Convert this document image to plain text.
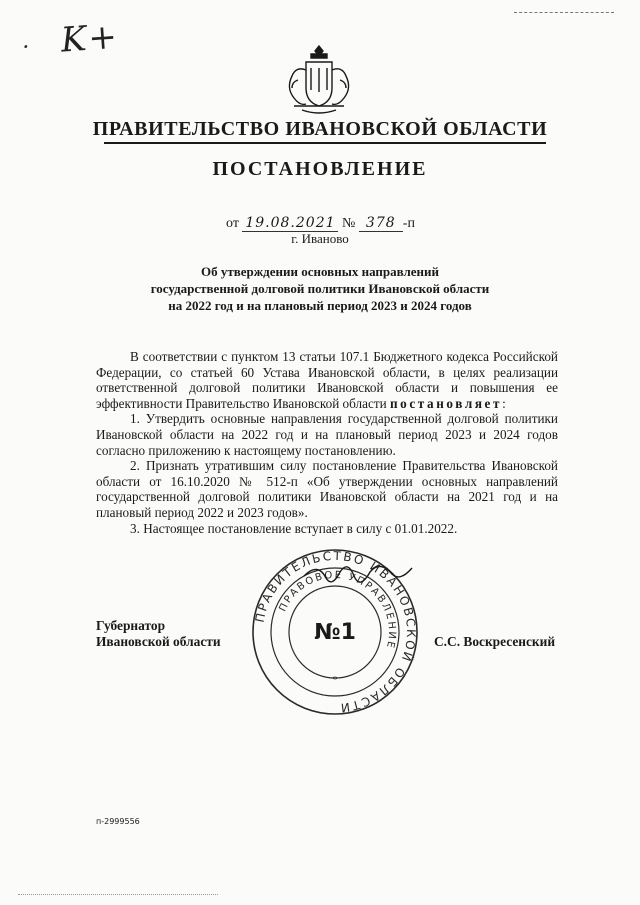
· K+
ПРАВИТЕЛЬСТВО ИВАНОВСКОЙ ОБЛАСТИ
ПОСТАНОВЛЕНИЕ
от 19.08.2021 № 378 -п
г. Иваново
Об утверждении основных направлений
государственной долговой политики Ивановской области
на 2022 год и на плановый период 2023 и 2024 годов

В соответствии с пунктом 13 статьи 107.1 Бюджетного кодекса Российской Федерации, со статьей 60 Устава Ивановской области, в целях реализации ответственной долговой политики Ивановской области и повышения ее эффективности Правительство Ивановской области постановляет:

1. Утвердить основные направления государственной долговой политики Ивановской области на 2022 год и на плановый период 2023 и 2024 годов согласно приложению к настоящему постановлению.

2. Признать утратившим силу постановление Правительства Ивановской области от 16.10.2020 № 512-п «Об утверждении основных направлений государственной долговой политики Ивановской области на 2021 год и на плановый период 2022 и 2023 годов».

3. Настоящее постановление вступает в силу с 01.01.2022.

ПРАВИТЕЛЬСТВО ИВАНОВСКОЙ ОБЛАСТИ
ПРАВОВОЕ УПРАВЛЕНИЕ
№1
*
Губернатор
Ивановской области	С.С. Воскресенский
п-2999556
